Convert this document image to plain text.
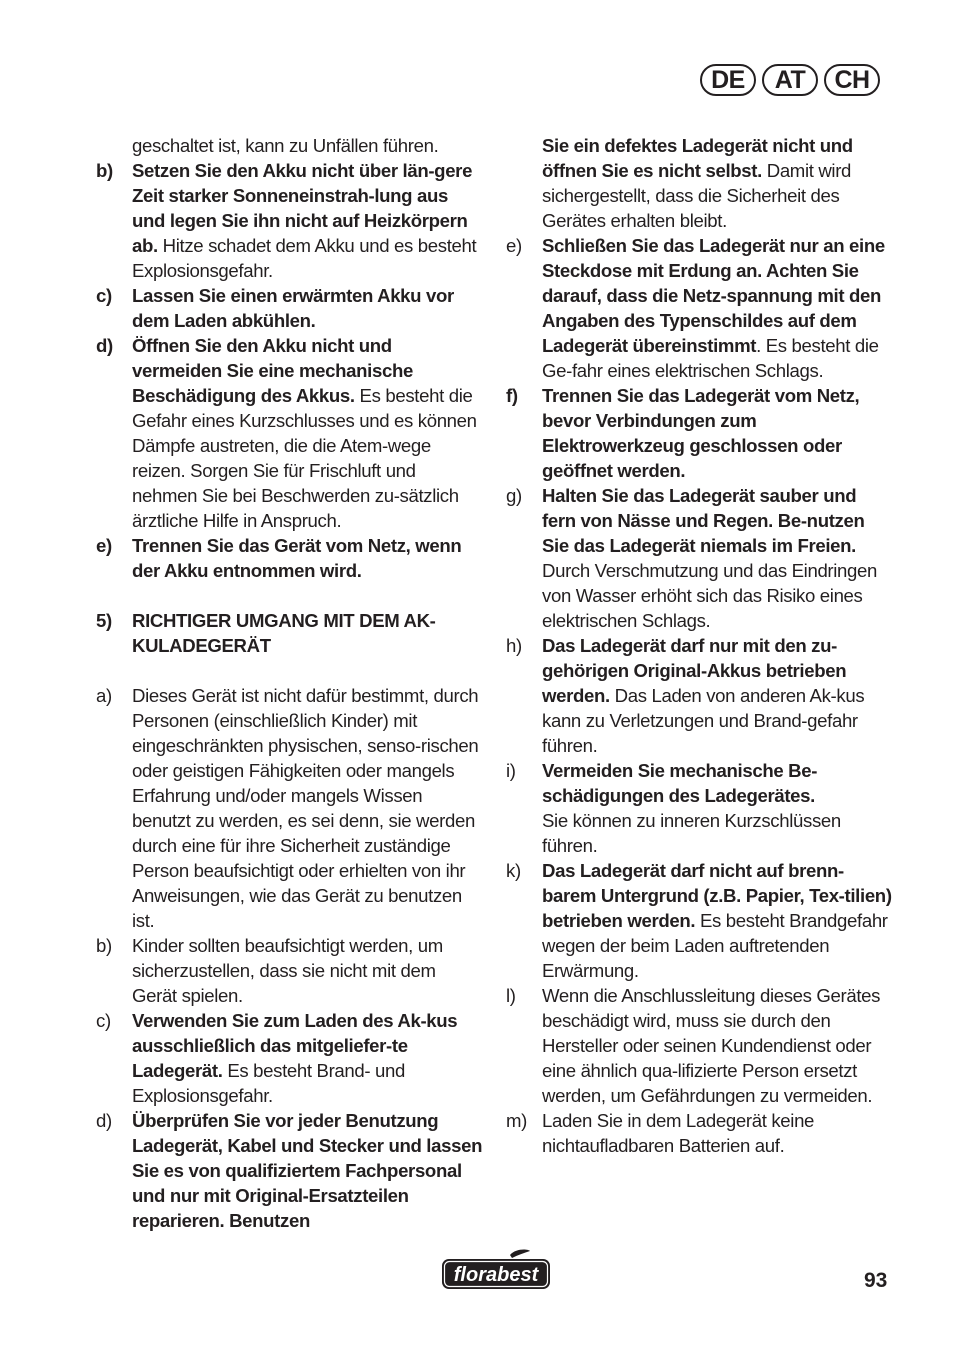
DE	AT	CH
geschaltet ist, kann zu Unfällen führen.
b)	Setzen Sie den Akku nicht über län-gere Zeit starker Sonneneinstrah-lung aus und legen Sie ihn nicht auf Heizkörpern ab. Hitze schadet dem Akku und es besteht Explosionsgefahr.
c)	Lassen Sie einen erwärmten Akku vor dem Laden abkühlen.
d)	Öffnen Sie den Akku nicht und vermeiden Sie eine mechanische Beschädigung des Akkus. Es besteht die Gefahr eines Kurzschlusses und es können Dämpfe austreten, die die Atem-wege reizen. Sorgen Sie für Frischluft und nehmen Sie bei Beschwerden zu-sätzlich ärztliche Hilfe in Anspruch.
e)	Trennen Sie das Gerät vom Netz, wenn der Akku entnommen wird.
5)	RICHTIGER UMGANG MIT DEM AK-KULADEGERÄT
a)	Dieses Gerät ist nicht dafür bestimmt, durch Personen (einschließlich Kinder) mit eingeschränkten physischen, senso-rischen oder geistigen Fähigkeiten oder mangels Erfahrung und/oder mangels Wissen benutzt zu werden, es sei denn, sie werden durch eine für ihre Sicherheit zuständige Person beaufsichtigt oder erhielten von ihr Anweisungen, wie das Gerät zu benutzen ist.
b)	Kinder sollten beaufsichtigt werden, um sicherzustellen, dass sie nicht mit dem Gerät spielen.
c)	Verwenden Sie zum Laden des Ak-kus ausschließlich das mitgeliefer-te Ladegerät. Es besteht Brand- und Explosionsgefahr.
d)	Überprüfen Sie vor jeder Benutzung Ladegerät, Kabel und Stecker und lassen Sie es von qualifiziertem Fachpersonal und nur mit Original-Ersatzteilen reparieren. Benutzen
Sie ein defektes Ladegerät nicht und öffnen Sie es nicht selbst. Damit wird sichergestellt, dass die Sicherheit des Gerätes erhalten bleibt.
e)	Schließen Sie das Ladegerät nur an eine Steckdose mit Erdung an. Achten Sie darauf, dass die Netz-spannung mit den Angaben des Typenschildes auf dem Ladegerät übereinstimmt. Es besteht die Ge-fahr eines elektrischen Schlags.
f)	Trennen Sie das Ladegerät vom Netz, bevor Verbindungen zum Elektrowerkzeug geschlossen oder geöffnet werden.
g)	Halten Sie das Ladegerät sauber und fern von Nässe und Regen. Be-nutzen Sie das Ladegerät niemals im Freien. Durch Verschmutzung und das Eindringen von Wasser erhöht sich das Risiko eines elektrischen Schlags.
h)	Das Ladegerät darf nur mit den zu-gehörigen Original-Akkus betrieben werden. Das Laden von anderen Ak-kus kann zu Verletzungen und Brand-gefahr führen.
i)	Vermeiden Sie mechanische Be-schädigungen des Ladegerätes.
Sie können zu inneren Kurzschlüssen führen.
k)	Das Ladegerät darf nicht auf brenn-barem Untergrund (z.B. Papier, Tex-tilien) betrieben werden. Es besteht Brandgefahr wegen der beim Laden auftretenden Erwärmung.
l)	Wenn die Anschlussleitung dieses Gerätes beschädigt wird, muss sie durch den Hersteller oder seinen Kundendienst oder eine ähnlich qua-lifizierte Person ersetzt werden, um Gefährdungen zu vermeiden.
m) Laden Sie in dem Ladegerät keine nichtaufladbaren Batterien auf.
florabest	93
